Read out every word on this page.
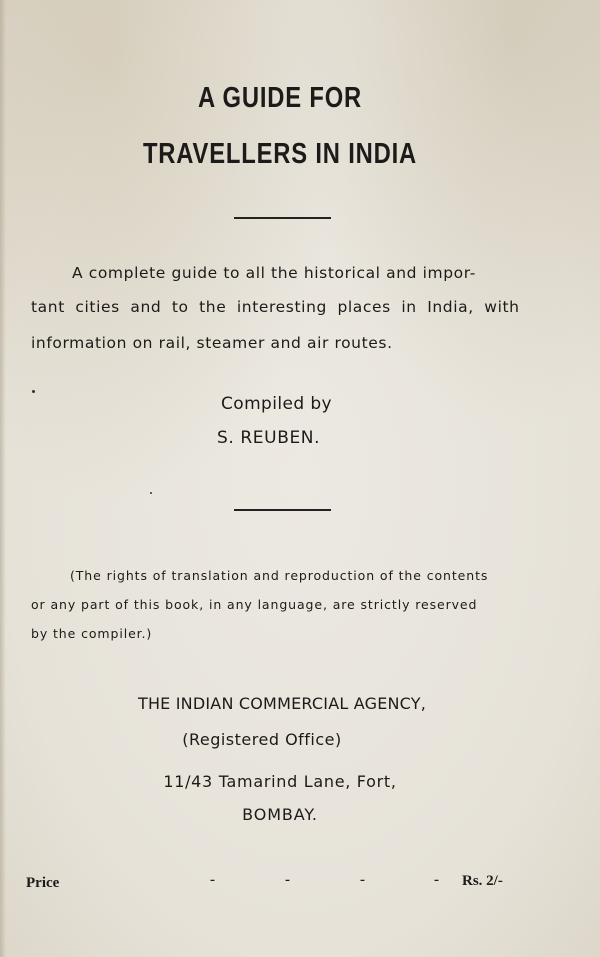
A GUIDE FOR
TRAVELLERS IN INDIA
A complete guide to all the historical and impor-
tant cities and to the interesting places in India, with
information on rail, steamer and air routes.
Compiled by
S. REUBEN.
(The rights of translation and reproduction of the contents
or any part of this book, in any language, are strictly reserved
by the compiler.)
THE INDIAN COMMERCIAL AGENCY,
(Registered Office)
11/43 Tamarind Lane, Fort,
BOMBAY.
Price	-	-	-	- Rs. 2/-
